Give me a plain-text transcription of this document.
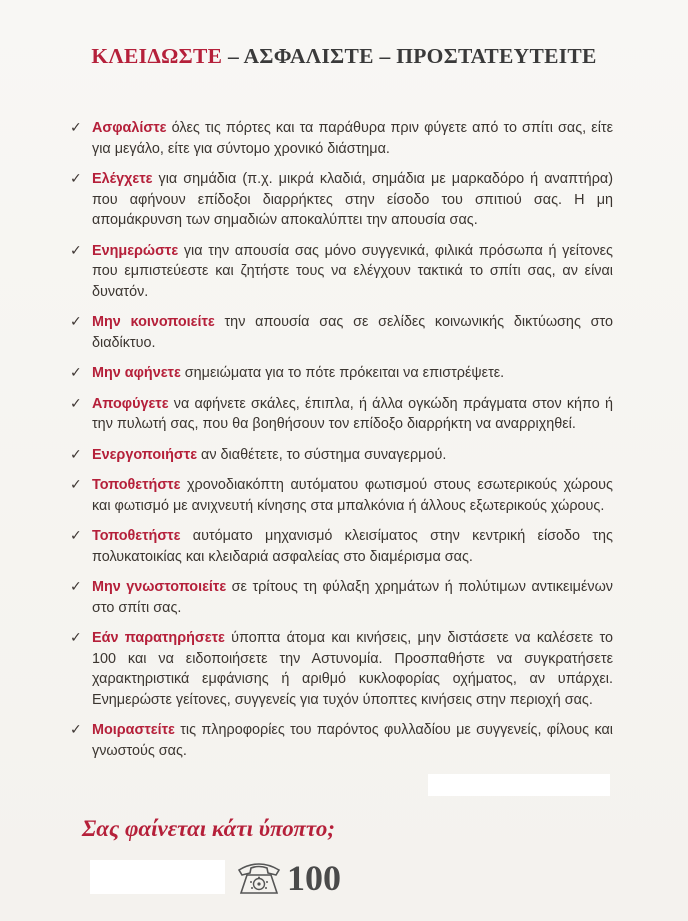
ΚΛΕΙΔΩΣΤΕ – ΑΣΦΑΛΙΣΤΕ – ΠΡΟΣΤΑΤΕΥΤΕΙΤΕ
✓ Ασφαλίστε όλες τις πόρτες και τα παράθυρα πριν φύγετε από το σπίτι σας, είτε για μεγάλο, είτε για σύντομο χρονικό διάστημα.
✓ Ελέγχετε για σημάδια (π.χ. μικρά κλαδιά, σημάδια με μαρκαδόρο ή αναπτήρα) που αφήνουν επίδοξοι διαρρήκτες στην είσοδο του σπιτιού σας. Η μη απομάκρυνση των σημαδιών αποκαλύπτει την απουσία σας.
✓ Ενημερώστε για την απουσία σας μόνο συγγενικά, φιλικά πρόσωπα ή γείτονες που εμπιστεύεστε και ζητήστε τους να ελέγχουν τακτικά το σπίτι σας, αν είναι δυνατόν.
✓ Μην κοινοποιείτε την απουσία σας σε σελίδες κοινωνικής δικτύωσης στο διαδίκτυο.
✓ Μην αφήνετε σημειώματα για το πότε πρόκειται να επιστρέψετε.
✓ Αποφύγετε να αφήνετε σκάλες, έπιπλα, ή άλλα ογκώδη πράγματα στον κήπο ή την πυλωτή σας, που θα βοηθήσουν τον επίδοξο διαρρήκτη να αναρριχηθεί.
✓ Ενεργοποιήστε αν διαθέτετε, το σύστημα συναγερμού.
✓ Τοποθετήστε χρονοδιακόπτη αυτόματου φωτισμού στους εσωτερικούς χώρους και φωτισμό με ανιχνευτή κίνησης στα μπαλκόνια ή άλλους εξωτερικούς χώρους.
✓ Τοποθετήστε αυτόματο μηχανισμό κλεισίματος στην κεντρική είσοδο της πολυκατοικίας και κλειδαριά ασφαλείας στο διαμέρισμα σας.
✓ Μην γνωστοποιείτε σε τρίτους τη φύλαξη χρημάτων ή πολύτιμων αντικειμένων στο σπίτι σας.
✓ Εάν παρατηρήσετε ύποπτα άτομα και κινήσεις, μην διστάσετε να καλέσετε το 100 και να ειδοποιήσετε την Αστυνομία. Προσπαθήστε να συγκρατήσετε χαρακτηριστικά εμφάνισης ή αριθμό κυκλοφορίας οχήματος, αν υπάρχει. Ενημερώστε γείτονες, συγγενείς για τυχόν ύποπτες κινήσεις στην περιοχή σας.
✓ Μοιραστείτε τις πληροφορίες του παρόντος φυλλαδίου με συγγενείς, φίλους και γνωστούς σας.
Σας φαίνεται κάτι ύποπτο;
100
